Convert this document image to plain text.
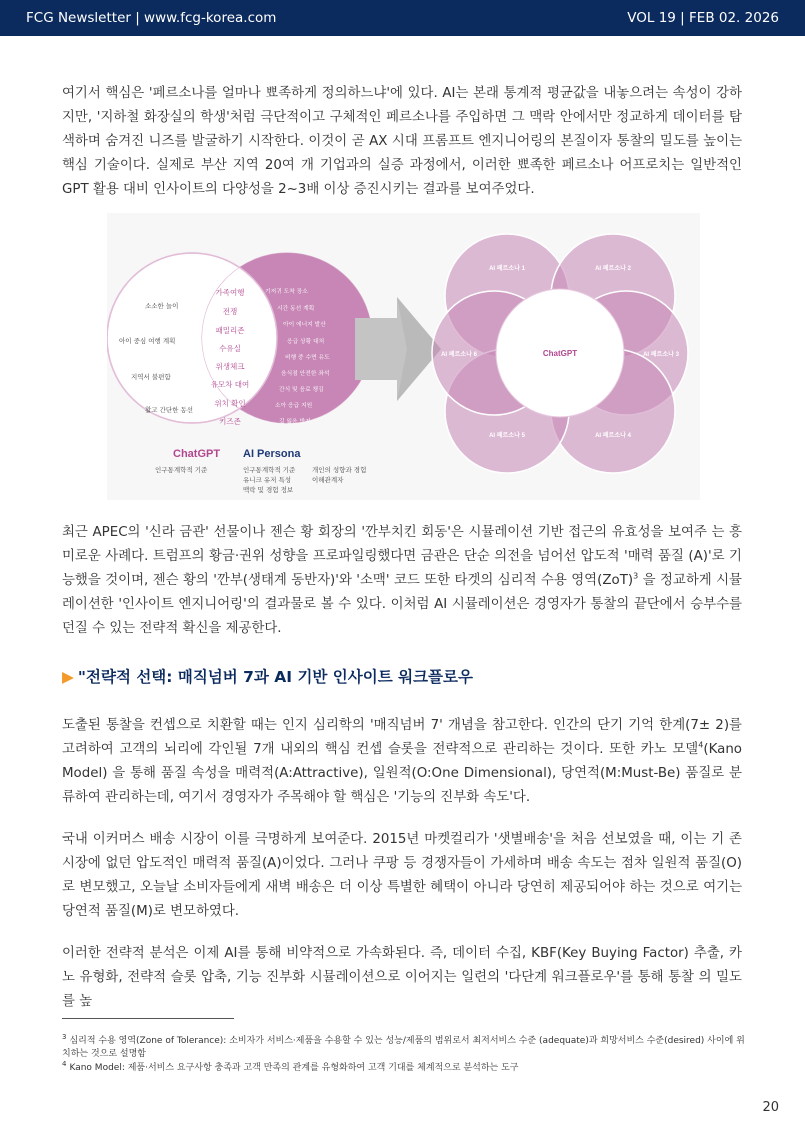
FCG Newsletter | www.fcg-korea.com	VOL 19 | FEB 02. 2026

여기서 핵심은 '페르소나를 얼마나 뾰족하게 정의하느냐'에 있다. AI는 본래 통계적 평균값을 내놓으려는 속성이 강하지만, '지하철 화장실의 학생'처럼 극단적이고 구체적인 페르소나를 주입하면 그 맥락 안에서만 정교하게 데이터를 탐색하며 숨겨진 니즈를 발굴하기 시작한다. 이것이 곧 AX 시대 프롬프트 엔지니어링의 본질이자 통찰의 밀도를 높이는 핵심 기술이다. 실제로 부산 지역 20여 개 기업과의 실증 과정에서, 이러한 뾰족한 페르소나 어프로치는 일반적인 GPT 활용 대비 인사이트의 다양성을 2~3배 이상 증진시키는 결과를 보여주었다.

소소한 놀이
아이 중심 여행 계획
지역서 불편함
활고 간단한 동선
가족여행
전쟁
패밀리존
수유실
위생체크
유모차 대여
위치 확인
키즈존
기저귀 도착 장소
시간 동선 계획
아이 에너지 발산
응급 상황 대처
비행 중 수면 유도
음식점 안전한 좌석
간식 및 음료 챙김
소아 응급 지원
길 잃음 방지
ChatGPT AI Persona
인구통계학적 기준	인구통계학적 기준
유니크 유저 특성
맥락 및 경험 정보
개인의 성향과 경험
이해관계자
ChatGPT
AI 페르소나 1	AI 페르소나 2
AI 페르소나 3
AI 페르소나 4
AI 페르소나 5
AI 페르소나 6

최근 APEC의 '신라 금관' 선물이나 젠슨 황 회장의 '깐부치킨 회동'은 시뮬레이션 기반 접근의 유효성을 보여주 는 흥미로운 사례다. 트럼프의 황금·권위 성향을 프로파일링했다면 금관은 단순 의전을 넘어선 압도적 '매력 품질 (A)'로 기능했을 것이며, 젠슨 황의 '깐부(생태계 동반자)'와 '소맥' 코드 또한 타겟의 심리적 수용 영역(ZoT)$^3$ 을 정교하게 시뮬레이션한 '인사이트 엔지니어링'의 결과물로 볼 수 있다. 이처럼 AI 시뮬레이션은 경영자가 통찰의 끝단에서 승부수를 던질 수 있는 전략적 확신을 제공한다.

▶ "전략적 선택: 매직넘버 7과 AI 기반 인사이트 워크플로우

도출된 통찰을 컨셉으로 치환할 때는 인지 심리학의 '매직넘버 7' 개념을 참고한다. 인간의 단기 기억 한계(7± 2)를 고려하여 고객의 뇌리에 각인될 7개 내외의 핵심 컨셉 슬롯을 전략적으로 관리하는 것이다. 또한 카노 모델$^4$(Kano Model) 을 통해 품질 속성을 매력적(A:Attractive), 일원적(O:One Dimensional), 당연적(M:Must-Be) 품질로 분류하여 관리하는데, 여기서 경영자가 주목해야 할 핵심은 '기능의 진부화 속도'다.

국내 이커머스 배송 시장이 이를 극명하게 보여준다. 2015년 마켓컬리가 '샛별배송'을 처음 선보였을 때, 이는 기 존 시장에 없던 압도적인 매력적 품질(A)이었다. 그러나 쿠팡 등 경쟁자들이 가세하며 배송 속도는 점차 일원적 품질(O)로 변모했고, 오늘날 소비자들에게 새벽 배송은 더 이상 특별한 혜택이 아니라 당연히 제공되어야 하는 것으로 여기는 당연적 품질(M)로 변모하였다.

이러한 전략적 분석은 이제 AI를 통해 비약적으로 가속화된다. 즉, 데이터 수집, KBF(Key Buying Factor) 추출, 카노 유형화, 전략적 슬롯 압축, 기능 진부화 시뮬레이션으로 이어지는 일련의 '다단계 워크플로우'를 통해 통찰 의 밀도를 높

$^3$ 심리적 수용 영역(Zone of Tolerance): 소비자가 서비스·제품을 수용할 수 있는 성능/제품의 범위로서 최저서비스 수준 (adequate)과 희망서비스 수준(desired) 사이에 위치하는 것으로 설명함
$^4$ Kano Model: 제품·서비스 요구사항 충족과 고객 만족의 관계를 유형화하여 고객 기대를 체계적으로 분석하는 도구
20
